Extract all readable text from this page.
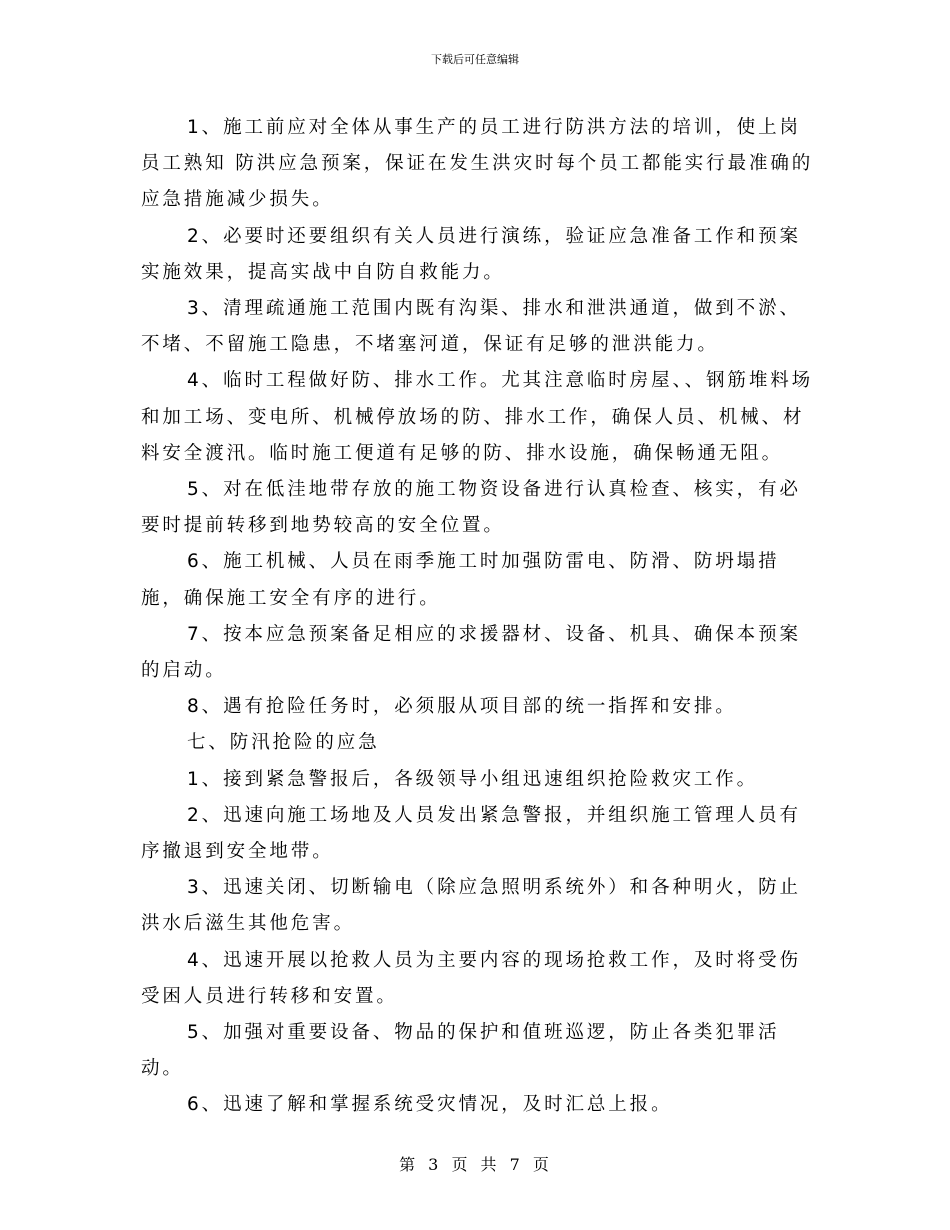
下载后可任意编辑

1、施工前应对全体从事生产的员工进行防洪方法的培训，使上岗员工熟知 防洪应急预案，保证在发生洪灾时每个员工都能实行最准确的应急措施减少损失。

2、必要时还要组织有关人员进行演练，验证应急准备工作和预案实施效果，提高实战中自防自救能力。

3、清理疏通施工范围内既有沟渠、排水和泄洪通道，做到不淤、不堵、不留施工隐患，不堵塞河道，保证有足够的泄洪能力。

4、临时工程做好防、排水工作。尤其注意临时房屋、、钢筋堆料场和加工场、变电所、机械停放场的防、排水工作，确保人员、机械、材料安全渡汛。临时施工便道有足够的防、排水设施，确保畅通无阻。

5、对在低洼地带存放的施工物资设备进行认真检查、核实，有必要时提前转移到地势较高的安全位置。

6、施工机械、人员在雨季施工时加强防雷电、防滑、防坍塌措施，确保施工安全有序的进行。

7、按本应急预案备足相应的求援器材、设备、机具、确保本预案的启动。

8、遇有抢险任务时，必须服从项目部的统一指挥和安排。

七、防汛抢险的应急

1、接到紧急警报后，各级领导小组迅速组织抢险救灾工作。

2、迅速向施工场地及人员发出紧急警报，并组织施工管理人员有序撤退到安全地带。

3、迅速关闭、切断输电（除应急照明系统外）和各种明火，防止洪水后滋生其他危害。

4、迅速开展以抢救人员为主要内容的现场抢救工作，及时将受伤受困人员进行转移和安置。

5、加强对重要设备、物品的保护和值班巡逻，防止各类犯罪活动。

6、迅速了解和掌握系统受灾情况，及时汇总上报。

第 3 页 共 7 页
